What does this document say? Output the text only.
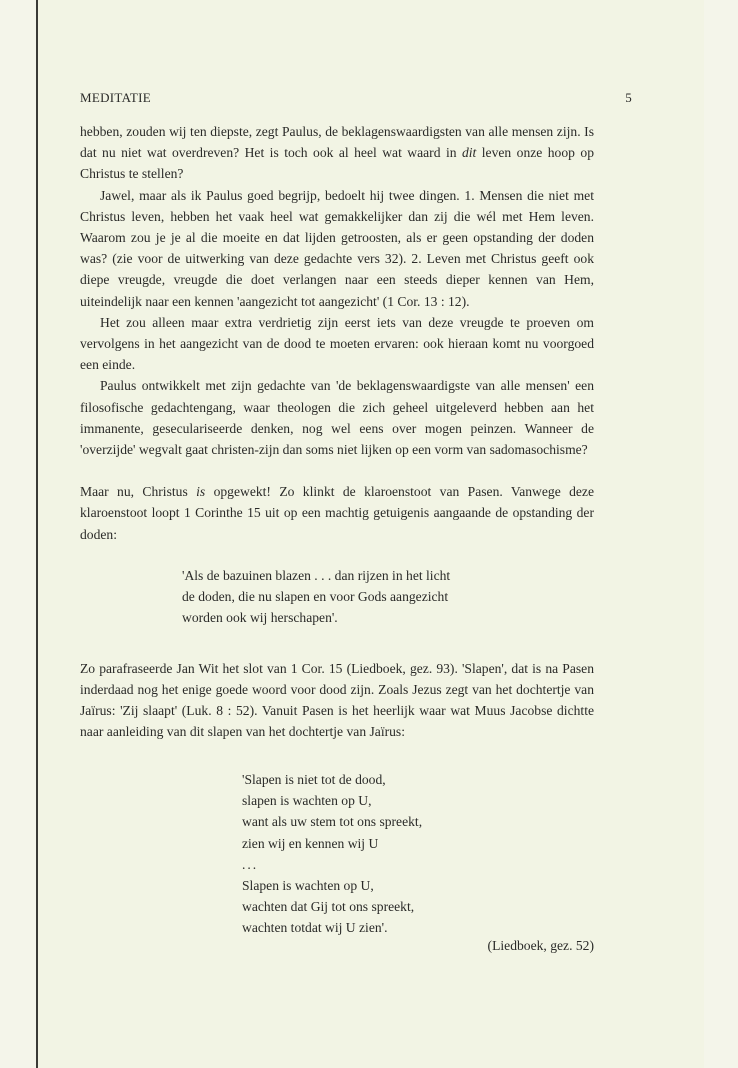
MEDITATIE	5

hebben, zouden wij ten diepste, zegt Paulus, de beklagenswaardigsten van alle mensen zijn. Is dat nu niet wat overdreven? Het is toch ook al heel wat waard in dit leven onze hoop op Christus te stellen?

Jawel, maar als ik Paulus goed begrijp, bedoelt hij twee dingen. 1. Mensen die niet met Christus leven, hebben het vaak heel wat gemakkelijker dan zij die wél met Hem leven. Waarom zou je je al die moeite en dat lijden getroosten, als er geen opstanding der doden was? (zie voor de uitwerking van deze gedachte vers 32). 2. Leven met Christus geeft ook diepe vreugde, vreugde die doet verlangen naar een steeds dieper kennen van Hem, uiteindelijk naar een kennen 'aangezicht tot aangezicht' (1 Cor. 13 : 12).

Het zou alleen maar extra verdrietig zijn eerst iets van deze vreugde te proeven om vervolgens in het aangezicht van de dood te moeten ervaren: ook hieraan komt nu voorgoed een einde.

Paulus ontwikkelt met zijn gedachte van 'de beklagenswaardigste van alle mensen' een filosofische gedachtengang, waar theologen die zich geheel uitgeleverd hebben aan het immanente, geseculariseerde denken, nog wel eens over mogen peinzen. Wanneer de 'overzijde' wegvalt gaat christen-zijn dan soms niet lijken op een vorm van sadomasochisme?

Maar nu, Christus is opgewekt! Zo klinkt de klaroenstoot van Pasen. Vanwege deze klaroenstoot loopt 1 Corinthe 15 uit op een machtig getuigenis aangaande de opstanding der doden:

'Als de bazuinen blazen . . . dan rijzen in het licht
de doden, die nu slapen en voor Gods aangezicht
worden ook wij herschapen'.

Zo parafraseerde Jan Wit het slot van 1 Cor. 15 (Liedboek, gez. 93). 'Slapen', dat is na Pasen inderdaad nog het enige goede woord voor dood zijn. Zoals Jezus zegt van het dochtertje van Jaïrus: 'Zij slaapt' (Luk. 8 : 52). Vanuit Pasen is het heerlijk waar wat Muus Jacobse dichtte naar aanleiding van dit slapen van het dochtertje van Jaïrus:

'Slapen is niet tot de dood,
slapen is wachten op U,
want als uw stem tot ons spreekt,
zien wij en kennen wij U
...
Slapen is wachten op U,
wachten dat Gij tot ons spreekt,
wachten totdat wij U zien'.
(Liedboek, gez. 52)
